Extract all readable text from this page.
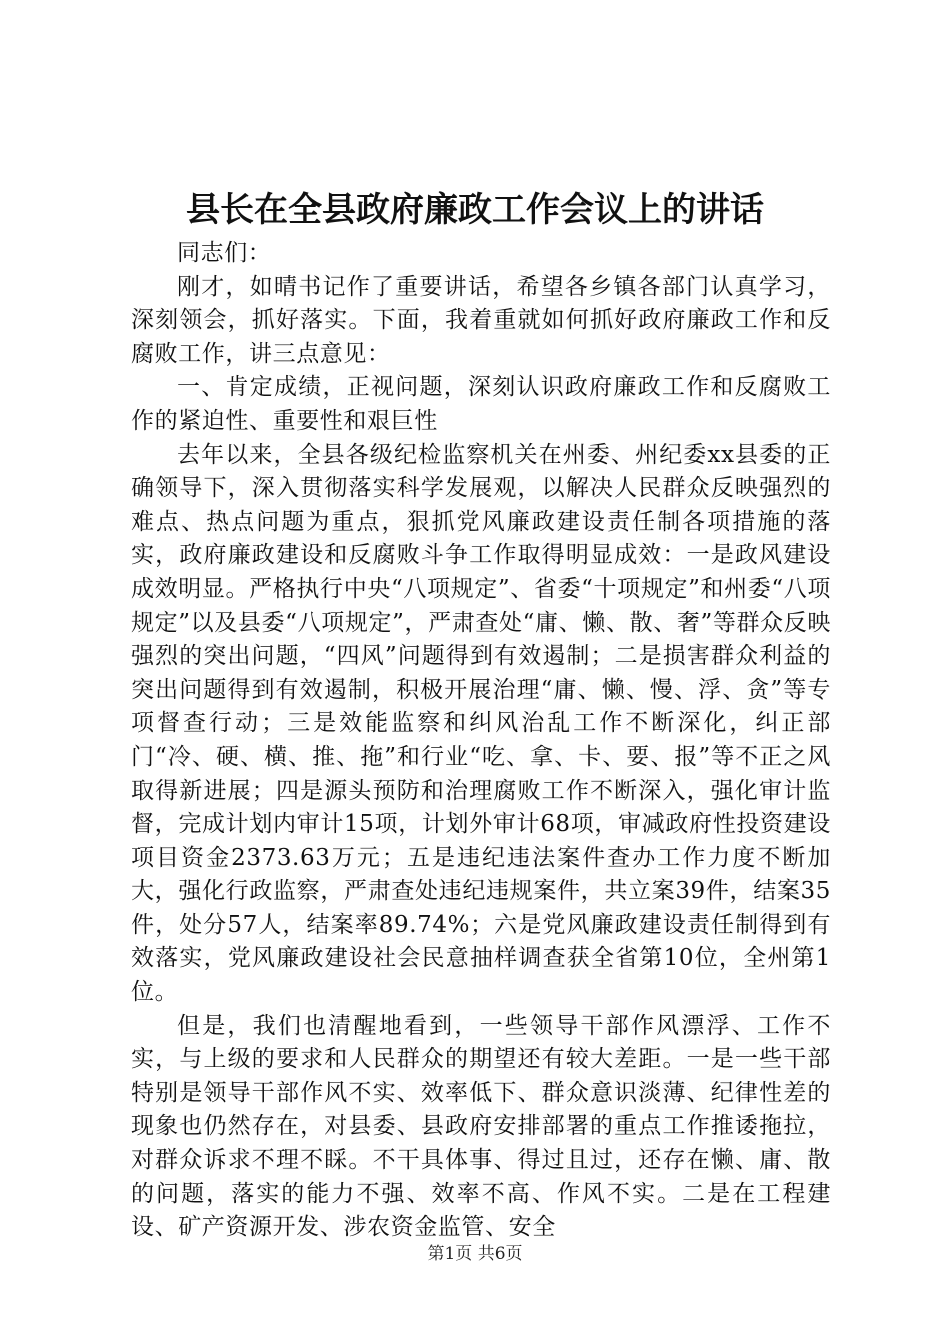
县长在全县政府廉政工作会议上的讲话

同志们：

刚才，如晴书记作了重要讲话，希望各乡镇各部门认真学习，深刻领会，抓好落实。下面，我着重就如何抓好政府廉政工作和反腐败工作，讲三点意见：

一、肯定成绩，正视问题，深刻认识政府廉政工作和反腐败工作的紧迫性、重要性和艰巨性

去年以来，全县各级纪检监察机关在州委、州纪委xx县委的正确领导下，深入贯彻落实科学发展观，以解决人民群众反映强烈的难点、热点问题为重点，狠抓党风廉政建设责任制各项措施的落实，政府廉政建设和反腐败斗争工作取得明显成效：一是政风建设成效明显。严格执行中央“八项规定”、省委“十项规定”和州委“八项规定”以及县委“八项规定”，严肃查处“庸、懒、散、奢”等群众反映强烈的突出问题，“四风”问题得到有效遏制；二是损害群众利益的突出问题得到有效遏制，积极开展治理“庸、懒、慢、浮、贪”等专项督查行动；三是效能监察和纠风治乱工作不断深化，纠正部门“冷、硬、横、推、拖”和行业“吃、拿、卡、要、报”等不正之风取得新进展；四是源头预防和治理腐败工作不断深入，强化审计监督，完成计划内审计15项，计划外审计68项，审减政府性投资建设项目资金2373.63万元；五是违纪违法案件查办工作力度不断加大，强化行政监察，严肃查处违纪违规案件，共立案39件，结案35件，处分57人，结案率89.74%；六是党风廉政建设责任制得到有效落实，党风廉政建设社会民意抽样调查获全省第10位，全州第1位。

但是，我们也清醒地看到，一些领导干部作风漂浮、工作不实，与上级的要求和人民群众的期望还有较大差距。一是一些干部特别是领导干部作风不实、效率低下、群众意识淡薄、纪律性差的现象也仍然存在，对县委、县政府安排部署的重点工作推诿拖拉，对群众诉求不理不睬。不干具体事、得过且过，还存在懒、庸、散的问题，落实的能力不强、效率不高、作风不实。二是在工程建设、矿产资源开发、涉农资金监管、安全

第1页 共6页
